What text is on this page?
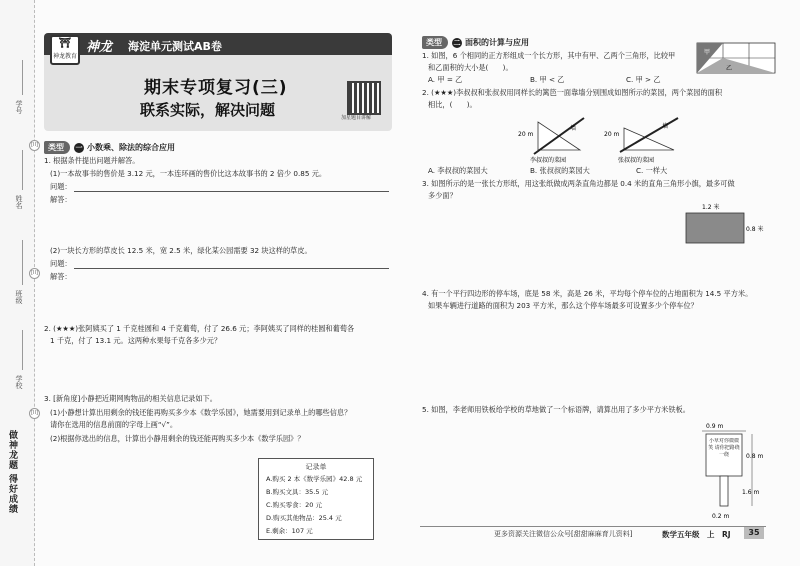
学号
姓名
班级
学校
[II]
[II]
[II]
做神龙题 得好成绩
⛩
神龙教育
神龙 海淀单元测试AB卷
期末专项复习(三)
联系实际，解决问题	加星题目讲解
类型	一 小数乘、除法的综合应用
1. 根据条件提出问题并解答。
(1)一本故事书的售价是 3.12 元，一本连环画的售价比这本故事书的 2 倍少 0.85 元。
问题：
解答：
(2)一块长方形的草皮长 12.5 米，宽 2.5 米，绿化某公园需要 32 块这样的草皮。
问题：
解答：
2. (★★★)张阿姨买了 1 千克桂圆和 4 千克葡萄，付了 26.6 元；李阿姨买了同样的桂圆和葡萄各
1 千克，付了 13.1 元。这两种水果每千克各多少元？
3. [新角度]小静把近期网购物品的相关信息记录如下。
(1)小静想计算出用剩余的钱还能再购买多少本《数学乐园》，她需要用到记录单上的哪些信息？
请你在选用的信息前面的字母上画“√”。
(2)根据你选出的信息，计算出小静用剩余的钱还能再购买多少本《数学乐园》？
记录单
A.购买 2 本《数学乐园》42.8 元
B.购买文具：35.5 元
C.购买零食：20 元
D.购买其他物品：25.4 元
E.剩余：107 元
类型	二 面积的计算与应用
1. 如图，6 个相同的正方形组成一个长方形，其中有甲、乙两个三角形，比较甲
和乙面积的大小是(　　)。
A. 甲 = 乙	B. 甲 < 乙	C. 甲 > 乙
甲
乙
2. (★★★)李叔叔和张叔叔用同样长的篱笆一面靠墙分别围成如图所示的菜园，两个菜园的面积
相比，(　　)。
20 m
墙
李叔叔的菜园
20 m
墙
张叔叔的菜园
A. 李叔叔的菜园大	B. 张叔叔的菜园大	C. 一样大
3. 如图所示的是一张长方形纸，用这张纸做成两条直角边都是 0.4 米的直角三角形小旗，最多可做
多少面？
1.2 米
0.8 米
4. 有一个平行四边形的停车场，底是 58 米，高是 26 米，平均每个停车位的占地面积为 14.5 平方米。
如果车辆进行道路的面积为 203 平方米，那么这个停车场最多可设置多少个停车位？
5. 如图，李老师用铁板给学校的草地做了一个标语牌，请算出用了多少平方米铁板。
0.9 m
小草对你微微笑 请你把路绕一绕	0.8 m
1.6 m
0.2 m
更多资源关注微信公众号[甜甜麻麻育儿资料]	数学五年级　上　RJ	35
